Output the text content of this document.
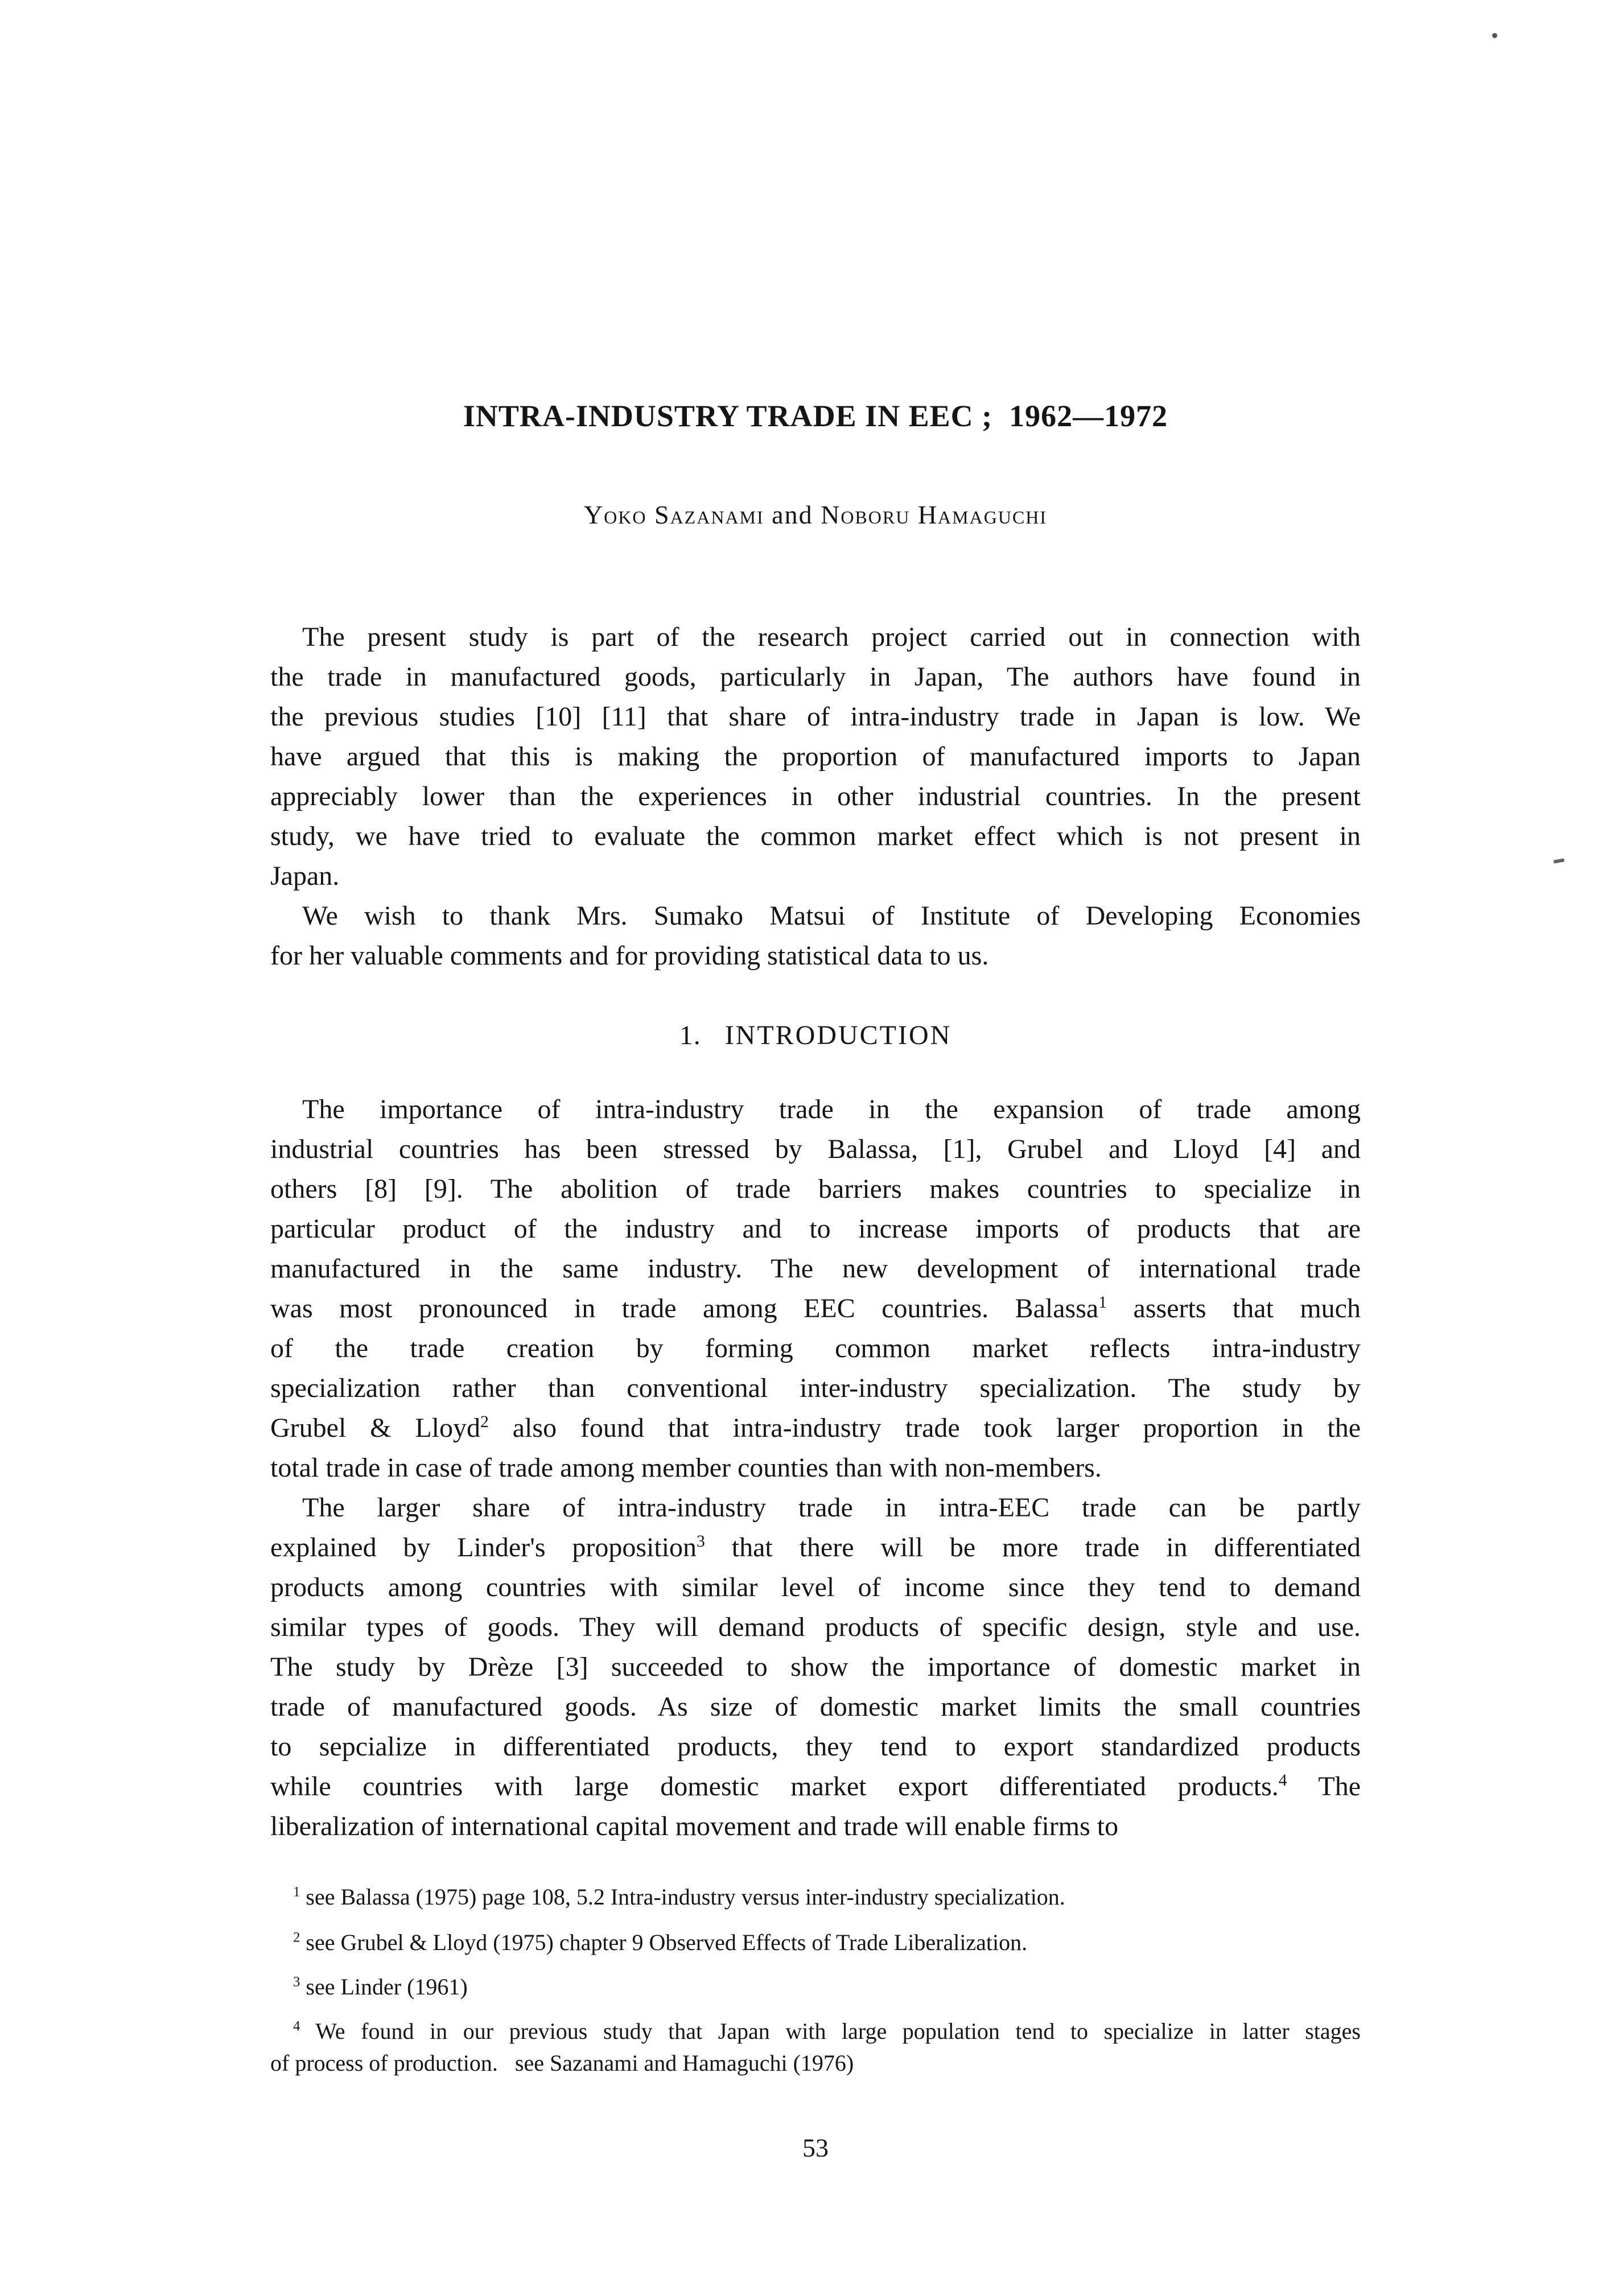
INTRA-INDUSTRY TRADE IN EEC ;  1962—1972
Yoko Sazanami and Noboru Hamaguchi
The present study is part of the research project carried out in connection with
the trade in manufactured goods, particularly in Japan, The authors have found in
the previous studies [10] [11] that share of intra-industry trade in Japan is low. We
have argued that this is making the proportion of manufactured imports to Japan
appreciably lower than the experiences in other industrial countries. In the present
study, we have tried to evaluate the common market effect which is not present in
Japan.
We wish to thank Mrs. Sumako Matsui of Institute of Developing Economies
for her valuable comments and for providing statistical data to us.
1. INTRODUCTION
The importance of intra-industry trade in the expansion of trade among
industrial countries has been stressed by Balassa, [1], Grubel and Lloyd [4] and
others [8] [9]. The abolition of trade barriers makes countries to specialize in
particular product of the industry and to increase imports of products that are
manufactured in the same industry. The new development of international trade
was most pronounced in trade among EEC countries. Balassa$^1$ asserts that much
of the trade creation by forming common market reflects intra-industry
specialization rather than conventional inter-industry specialization. The study by
Grubel & Lloyd$^2$ also found that intra-industry trade took larger proportion in the
total trade in case of trade among member counties than with non-members.
The larger share of intra-industry trade in intra-EEC trade can be partly
explained by Linder's proposition$^3$ that there will be more trade in differentiated
products among countries with similar level of income since they tend to demand
similar types of goods. They will demand products of specific design, style and use.
The study by Drèze [3] succeeded to show the importance of domestic market in
trade of manufactured goods. As size of domestic market limits the small countries
to sepcialize in differentiated products, they tend to export standardized products
while countries with large domestic market export differentiated products.$^4$ The
liberalization of international capital movement and trade will enable firms to
$^1$ see Balassa (1975) page 108, 5.2 Intra-industry versus inter-industry specialization.
$^2$ see Grubel & Lloyd (1975) chapter 9 Observed Effects of Trade Liberalization.
$^3$ see Linder (1961)
$^4$ We found in our previous study that Japan with large population tend to specialize in latter stages
of process of production.   see Sazanami and Hamaguchi (1976)
53
